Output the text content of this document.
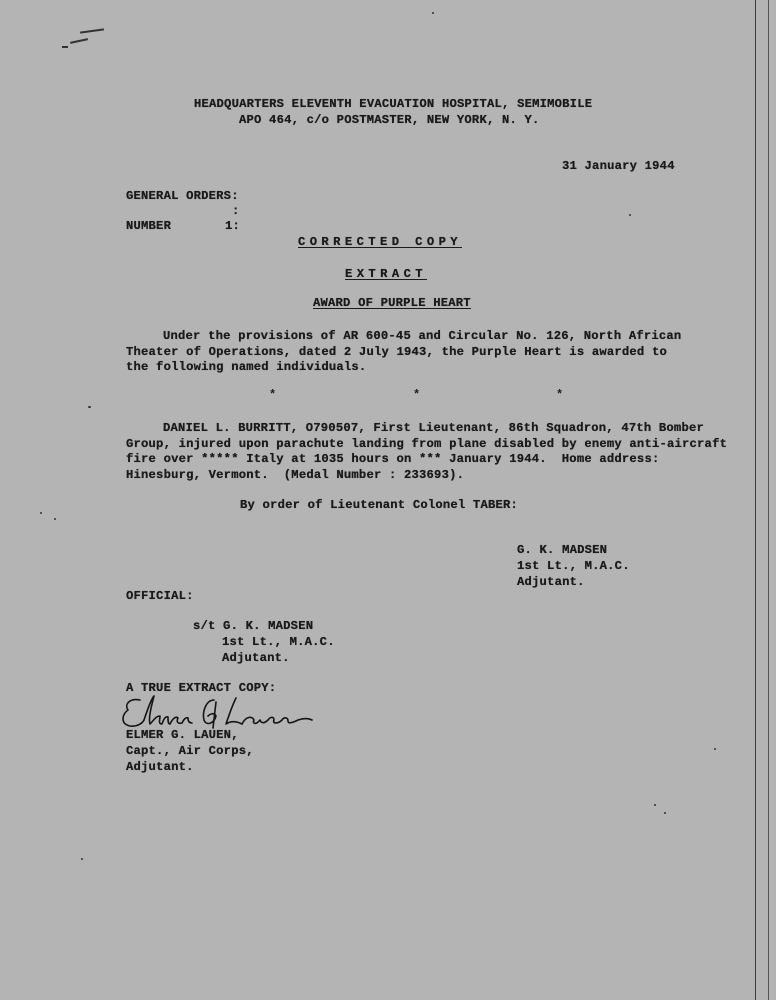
HEADQUARTERS ELEVENTH EVACUATION HOSPITAL, SEMIMOBILE

APO 464, c/o POSTMASTER, NEW YORK, N. Y.

31 January 1944

GENERAL ORDERS:

:

NUMBER	1:

CORRECTED COPY

EXTRACT

AWARD OF PURPLE HEART

Under the provisions of AR 600-45 and Circular No. 126, North African

Theater of Operations, dated 2 July 1943, the Purple Heart is awarded to

the following named individuals.

*	*	*

DANIEL L. BURRITT, O790507, First Lieutenant, 86th Squadron, 47th Bomber

Group, injured upon parachute landing from plane disabled by enemy anti-aircraft

fire over ***** Italy at 1035 hours on *** January 1944.  Home address:

Hinesburg, Vermont.  (Medal Number : 233693).

By order of Lieutenant Colonel TABER:

G. K. MADSEN

1st Lt., M.A.C.

Adjutant.

OFFICIAL:

s/t G. K. MADSEN

1st Lt., M.A.C.

Adjutant.

A TRUE EXTRACT COPY:

ELMER G. LAUEN,

Capt., Air Corps,

Adjutant.
